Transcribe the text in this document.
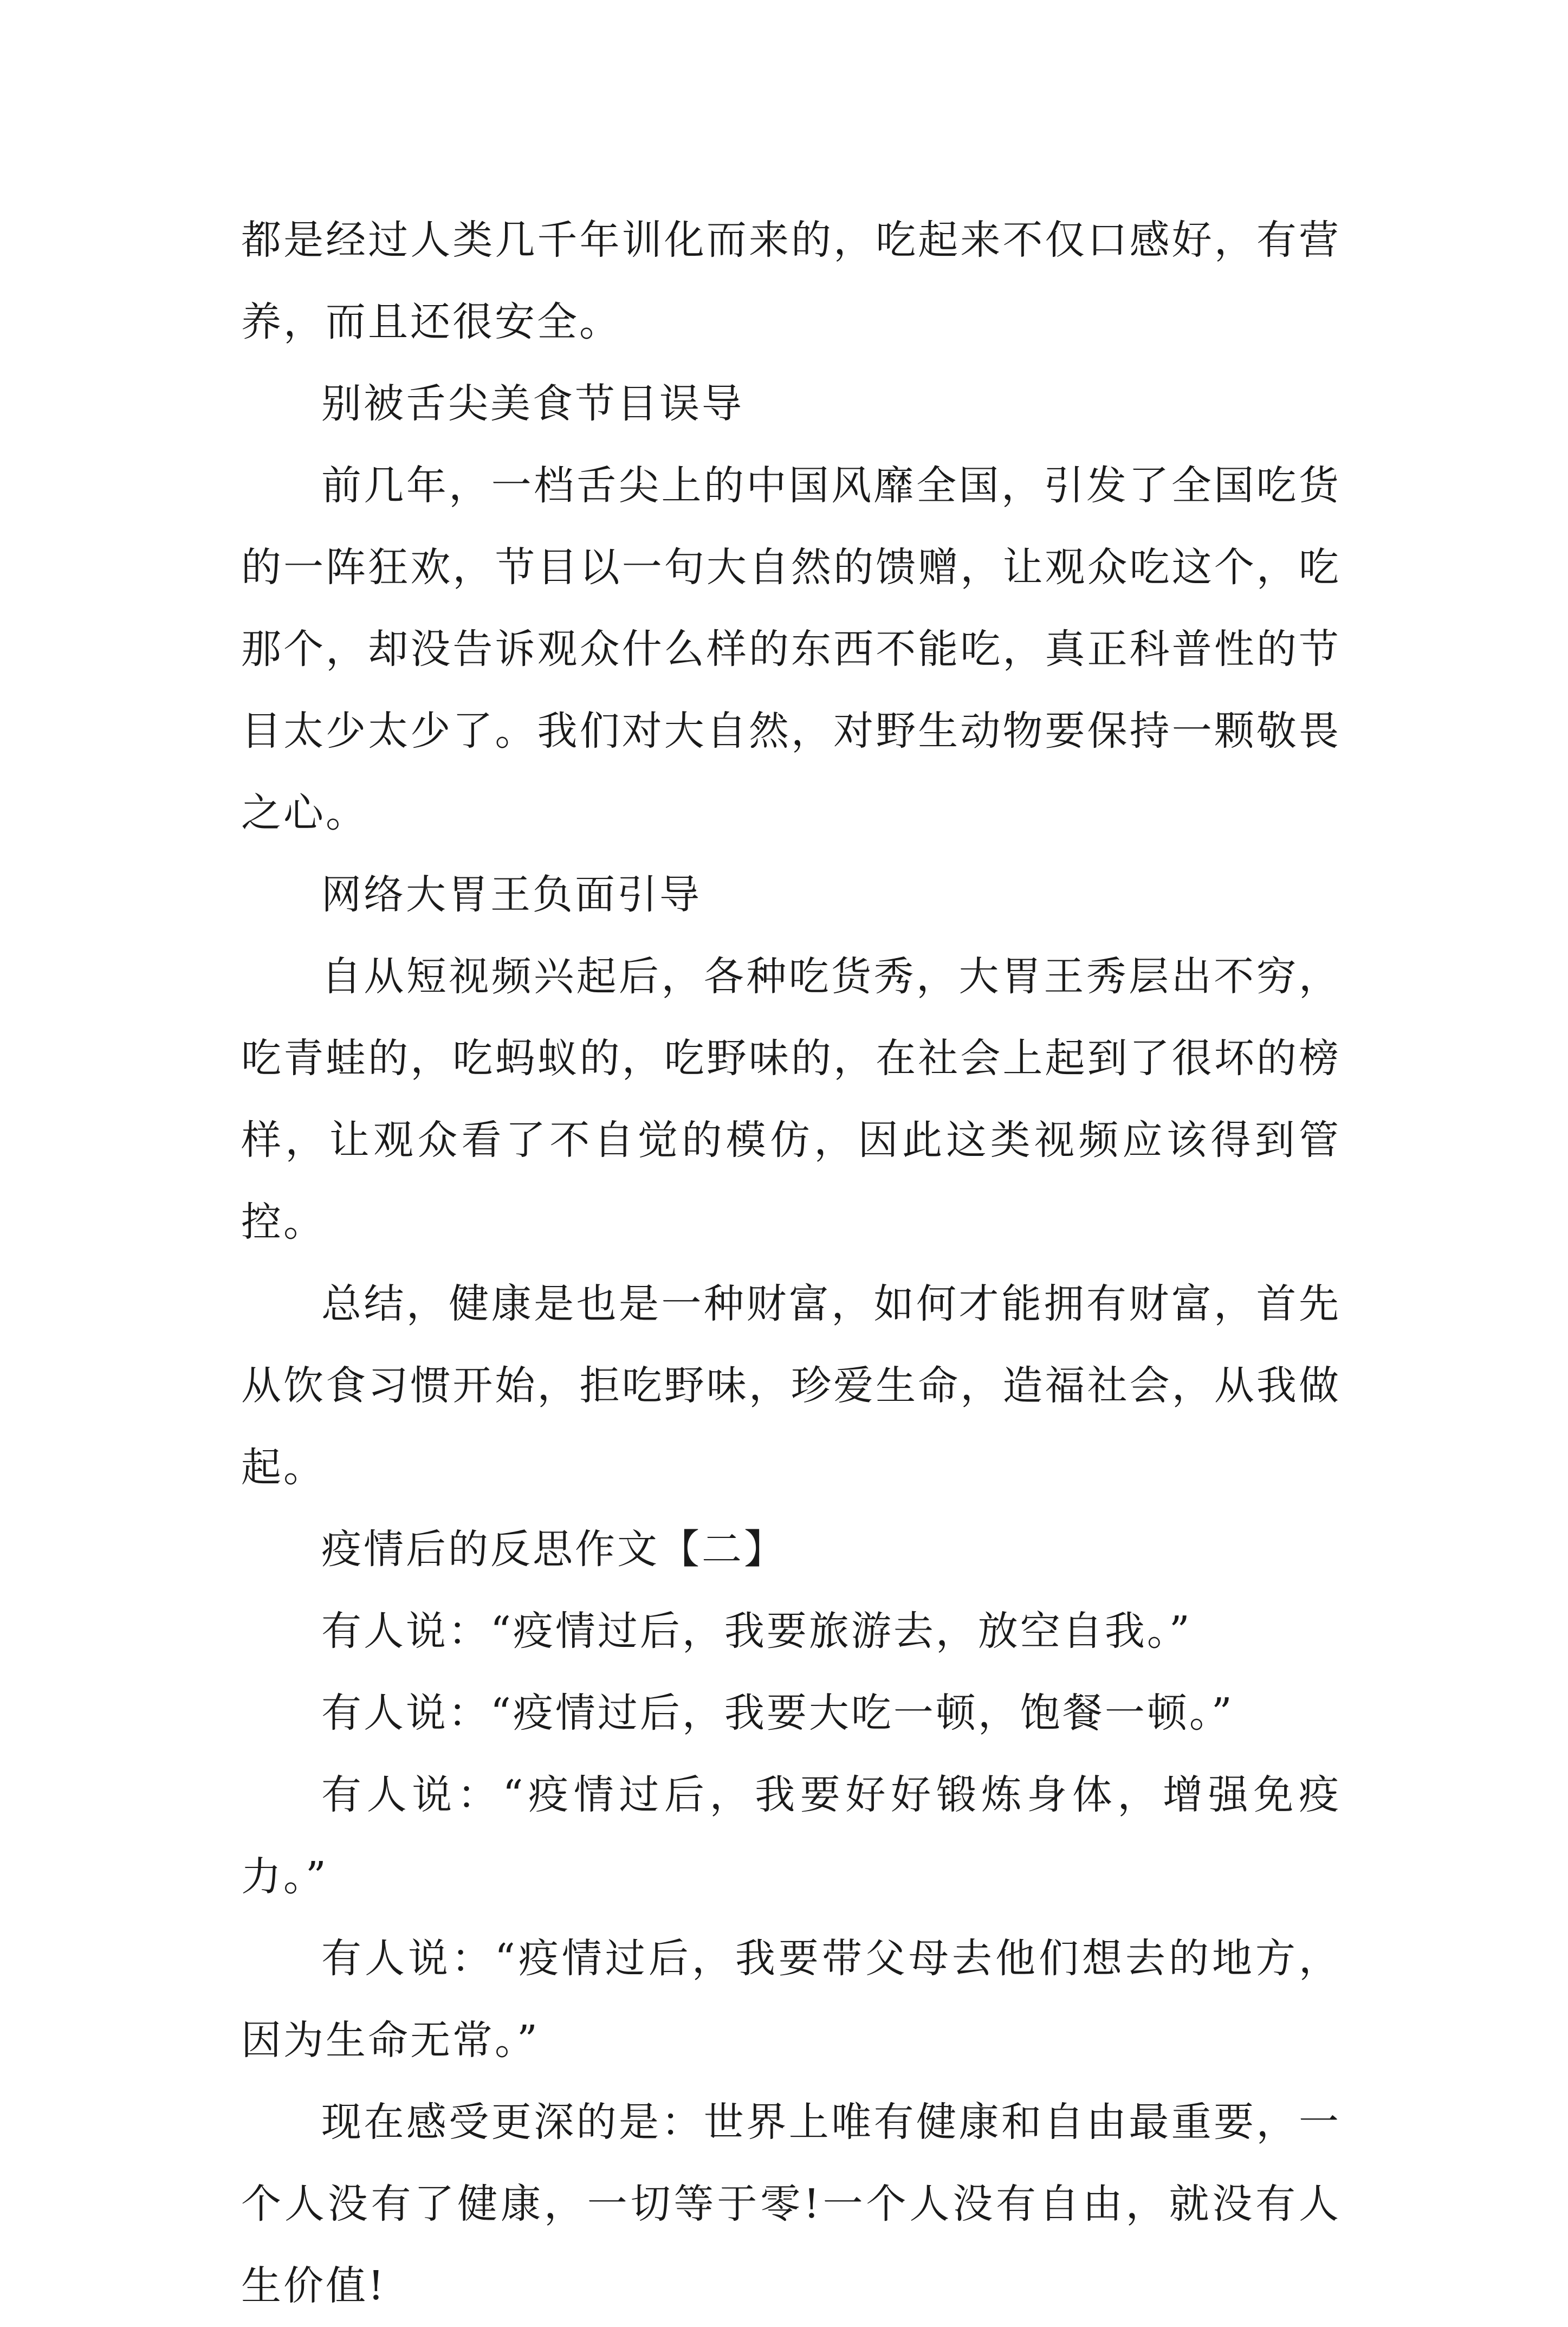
都是经过人类几千年训化而来的，吃起来不仅口感好，有营养，而且还很安全。

别被舌尖美食节目误导

前几年，一档舌尖上的中国风靡全国，引发了全国吃货的一阵狂欢，节目以一句大自然的馈赠，让观众吃这个，吃那个，却没告诉观众什么样的东西不能吃，真正科普性的节目太少太少了。我们对大自然，对野生动物要保持一颗敬畏之心。

网络大胃王负面引导

自从短视频兴起后，各种吃货秀，大胃王秀层出不穷，吃青蛙的，吃蚂蚁的，吃野味的，在社会上起到了很坏的榜样，让观众看了不自觉的模仿，因此这类视频应该得到管控。

总结，健康是也是一种财富，如何才能拥有财富，首先从饮食习惯开始，拒吃野味，珍爱生命，造福社会，从我做起。

疫情后的反思作文【二】

有人说：“疫情过后，我要旅游去，放空自我。”

有人说：“疫情过后，我要大吃一顿，饱餐一顿。”

有人说：“疫情过后，我要好好锻炼身体，增强免疫力。”

有人说：“疫情过后，我要带父母去他们想去的地方，因为生命无常。”

现在感受更深的是：世界上唯有健康和自由最重要，一个人没有了健康，一切等于零!一个人没有自由，就没有人生价值!
